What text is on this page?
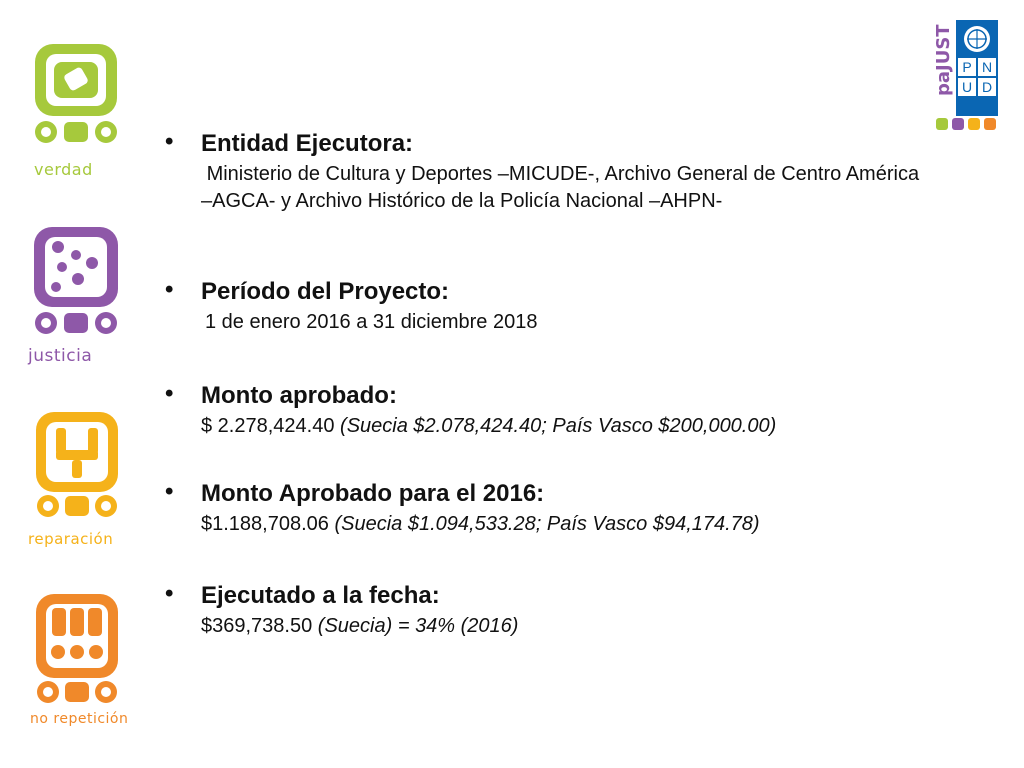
verdad
justicia
reparación
no repetición
paJUST P N
U D
• Entidad Ejecutora:
Ministerio de Cultura y Deportes –MICUDE-, Archivo General de Centro América –AGCA- y Archivo Histórico de la Policía Nacional –AHPN-
• Período del Proyecto:
1 de enero 2016 a 31 diciembre 2018
• Monto aprobado:
$ 2.278,424.40 (Suecia $2.078,424.40; País Vasco $200,000.00)
• Monto Aprobado para el 2016:
$1.188,708.06 (Suecia $1.094,533.28; País Vasco $94,174.78)
• Ejecutado a la fecha:
$369,738.50 (Suecia) = 34% (2016)
